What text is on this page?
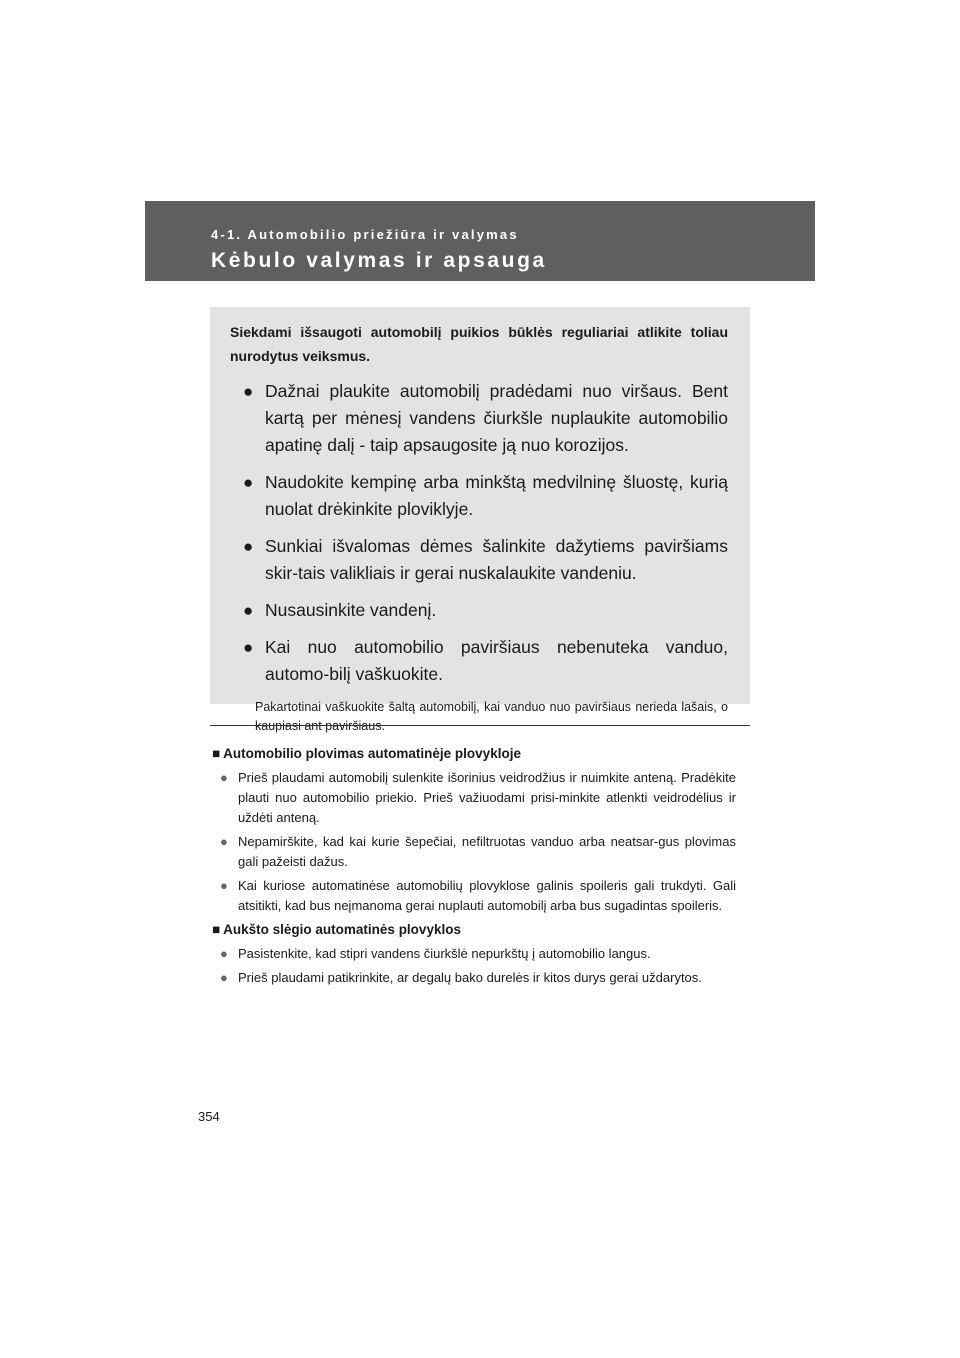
4-1. Automobilio priežiūra ir valymas
Kėbulo valymas ir apsauga

Siekdami išsaugoti automobilį puikios būklės reguliariai atlikite toliau nurodytus veiksmus.

● Dažnai plaukite automobilį pradėdami nuo viršaus. Bent kartą per mėnesį vandens čiurkšle nuplaukite automobilio apatinę dalį - taip apsaugosite ją nuo korozijos.
● Naudokite kempinę arba minkštą medvilninę šluostę, kurią nuolat drėkinkite ploviklyje.
● Sunkiai išvalomas dėmes šalinkite dažytiems paviršiams skir-tais valikliais ir gerai nuskalaukite vandeniu.
● Nusausinkite vandenį.
● Kai nuo automobilio paviršiaus nebenuteka vanduo, automo-bilį vaškuokite.

Pakartotinai vaškuokite šaltą automobilį, kai vanduo nuo paviršiaus nerieda lašais, o kaupiasi ant paviršiaus.

■ Automobilio plovimas automatinėje plovykloje

● Prieš plaudami automobilį sulenkite išorinius veidrodžius ir nuimkite anteną. Pradėkite plauti nuo automobilio priekio. Prieš važiuodami prisi-minkite atlenkti veidrodėlius ir uždėti anteną.

● Nepamirškite, kad kai kurie šepečiai, nefiltruotas vanduo arba neatsar-gus plovimas gali pažeisti dažus.

● Kai kuriose automatinėse automobilių plovyklose galinis spoileris gali trukdyti. Gali atsitikti, kad bus neįmanoma gerai nuplauti automobilį arba bus sugadintas spoileris.

■ Aukšto slėgio automatinės plovyklos

● Pasistenkite, kad stipri vandens čiurkšlė nepurkštų į automobilio langus.

● Prieš plaudami patikrinkite, ar degalų bako durelės ir kitos durys gerai uždarytos.

354
